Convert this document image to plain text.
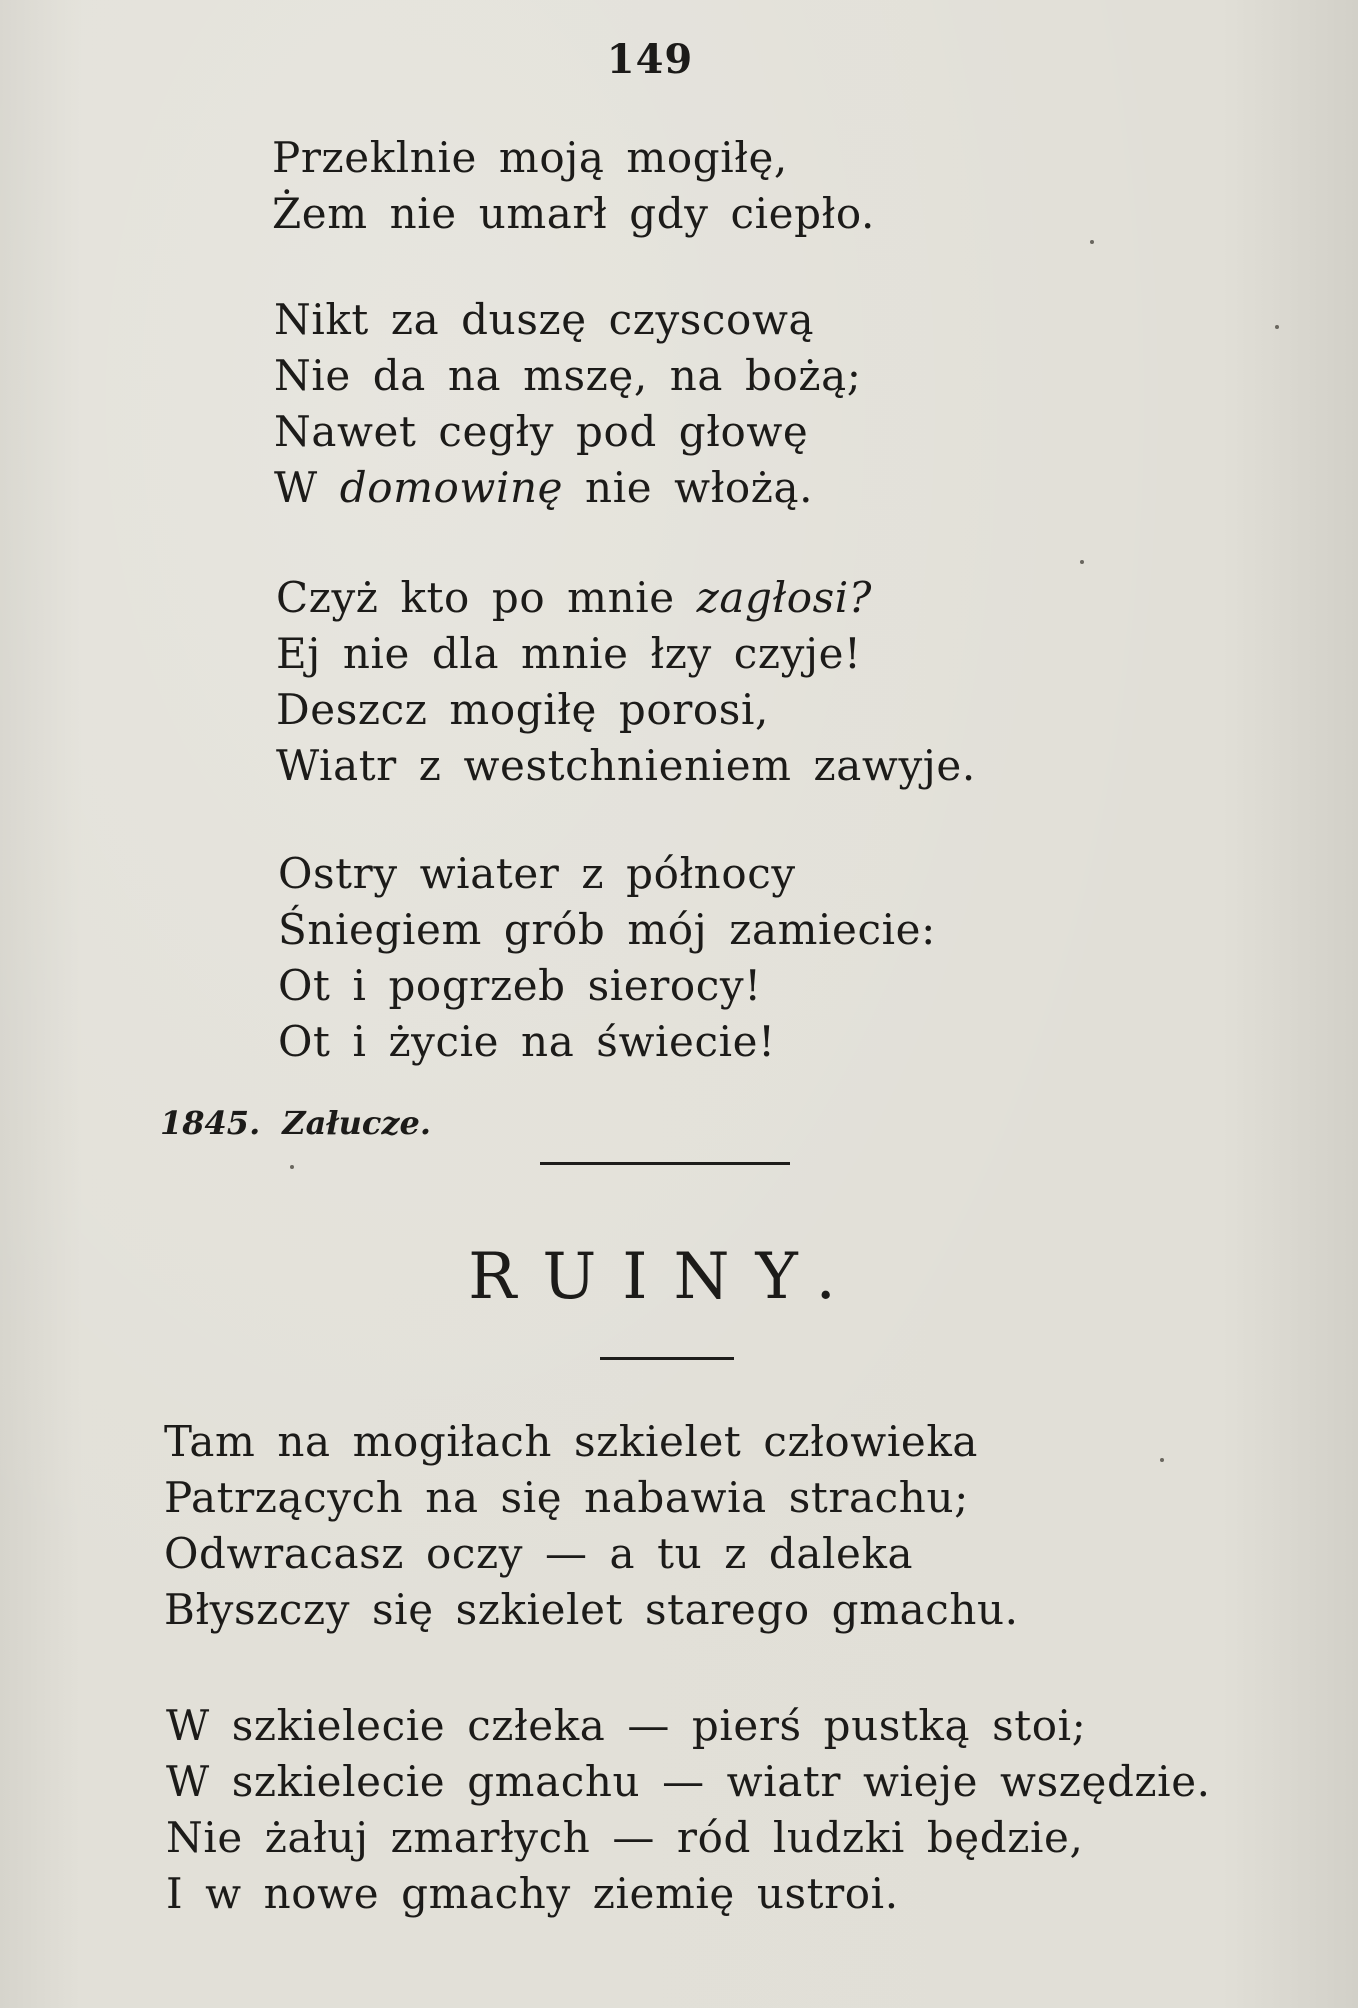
149
Przeklnie moją mogiłę,
Żem nie umarł gdy ciepło.
Nikt za duszę czyscową
Nie da na mszę, na bożą;
Nawet cegły pod głowę
W domowinę nie włożą.
Czyż kto po mnie zagłosi?
Ej nie dla mnie łzy czyje!
Deszcz mogiłę porosi,
Wiatr z westchnieniem zawyje.
Ostry wiater z północy
Śniegiem grób mój zamiecie:
Ot i pogrzeb sierocy!
Ot i życie na świecie!
1845. Załucze.
RUINY.
Tam na mogiłach szkielet człowieka
Patrzących na się nabawia strachu;
Odwracasz oczy — a tu z daleka
Błyszczy się szkielet starego gmachu.
W szkielecie człeka — pierś pustką stoi;
W szkielecie gmachu — wiatr wieje wszędzie.
Nie żałuj zmarłych — ród ludzki będzie,
I w nowe gmachy ziemię ustroi.
